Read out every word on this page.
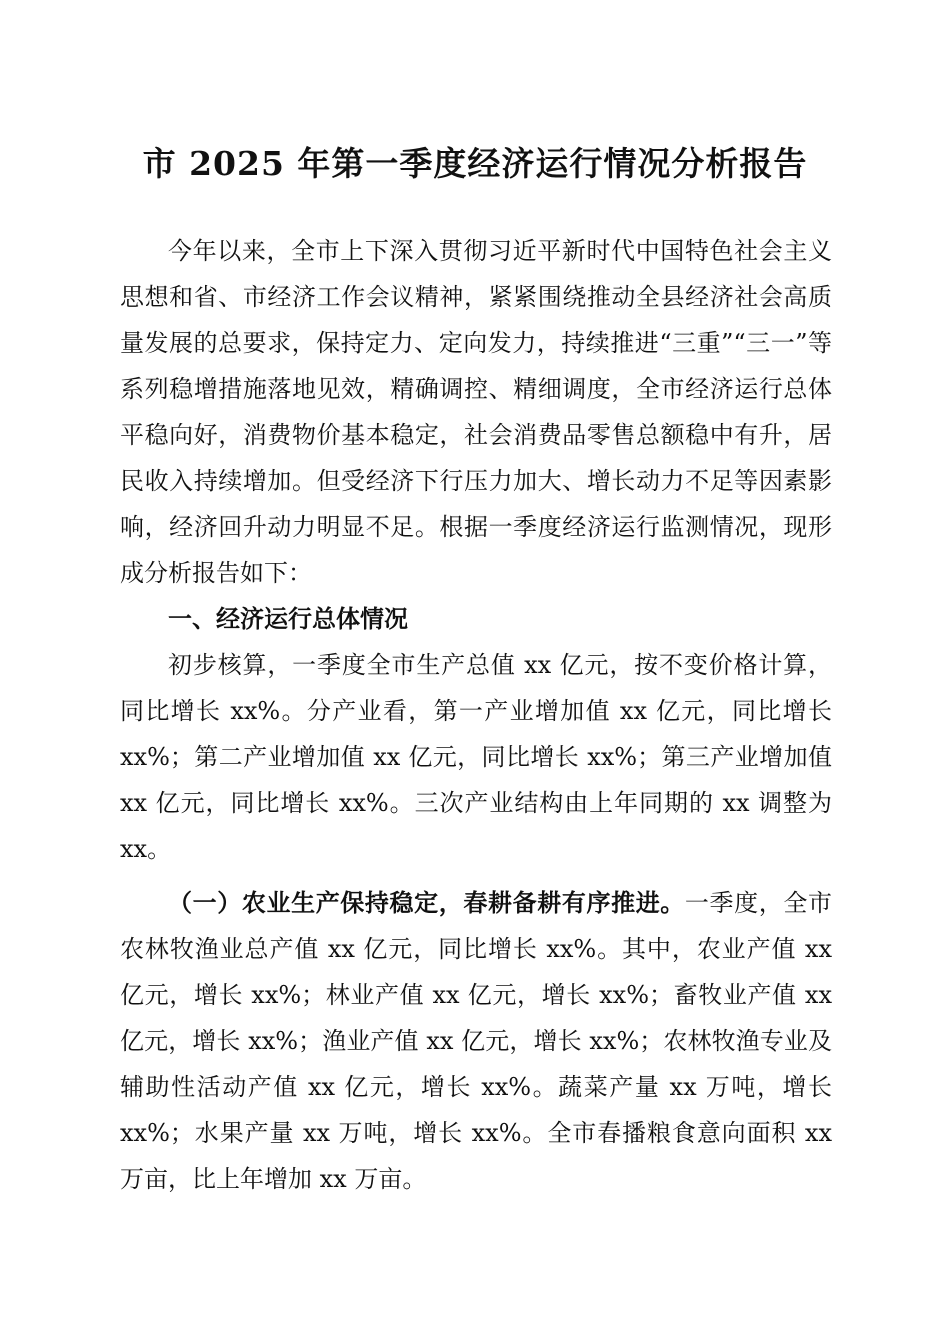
市 2025 年第一季度经济运行情况分析报告

今年以来，全市上下深入贯彻习近平新时代中国特色社会主义思想和省、市经济工作会议精神，紧紧围绕推动全县经济社会高质量发展的总要求，保持定力、定向发力，持续推进“三重”“三一”等系列稳增措施落地见效，精确调控、精细调度，全市经济运行总体平稳向好，消费物价基本稳定，社会消费品零售总额稳中有升，居民收入持续增加。但受经济下行压力加大、增长动力不足等因素影响，经济回升动力明显不足。根据一季度经济运行监测情况，现形成分析报告如下：

一、经济运行总体情况

初步核算，一季度全市生产总值 xx 亿元，按不变价格计算，同比增长 xx%。分产业看，第一产业增加值 xx 亿元，同比增长 xx%；第二产业增加值 xx 亿元，同比增长 xx%；第三产业增加值 xx 亿元，同比增长 xx%。三次产业结构由上年同期的 xx 调整为 xx。

（一）农业生产保持稳定，春耕备耕有序推进。一季度，全市农林牧渔业总产值 xx 亿元，同比增长 xx%。其中，农业产值 xx 亿元，增长 xx%；林业产值 xx 亿元，增长 xx%；畜牧业产值 xx 亿元，增长 xx%；渔业产值 xx 亿元，增长 xx%；农林牧渔专业及辅助性活动产值 xx 亿元，增长 xx%。蔬菜产量 xx 万吨，增长 xx%；水果产量 xx 万吨，增长 xx%。全市春播粮食意向面积 xx 万亩，比上年增加 xx 万亩。
